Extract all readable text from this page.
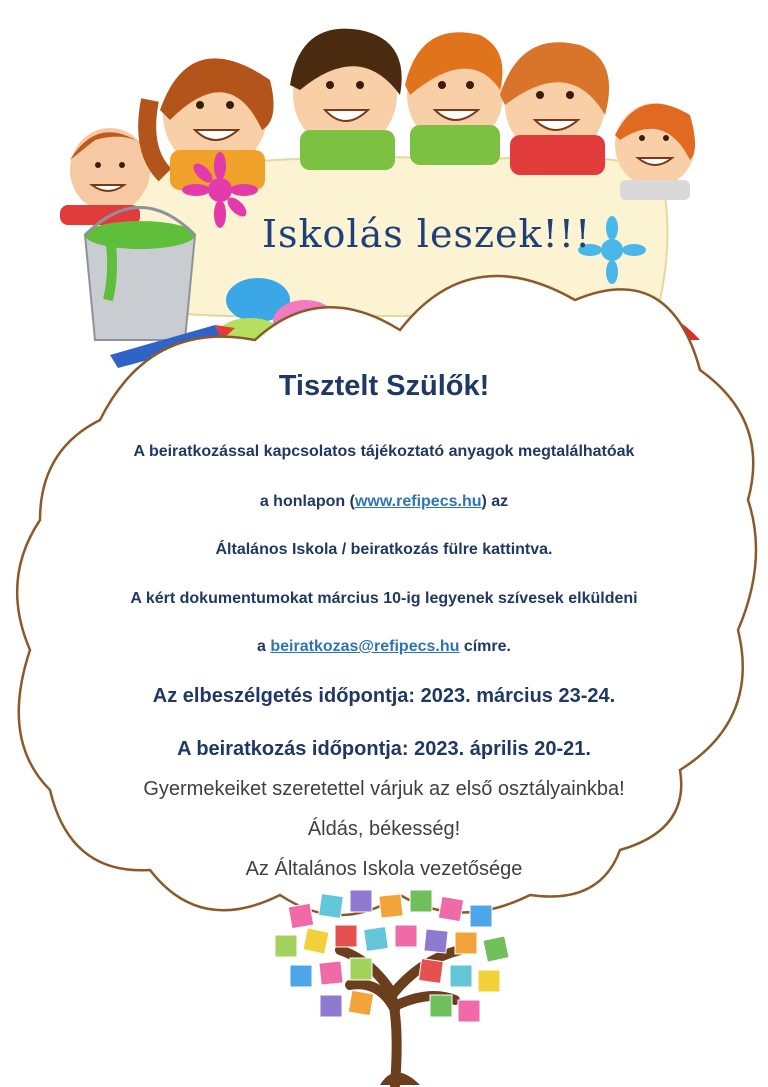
Iskolás leszek!!!
Tisztelt Szülők!
A beiratkozással kapcsolatos tájékoztató anyagok megtalálhatóak
a honlapon (www.refipecs.hu) az
Általános Iskola / beiratkozás fülre kattintva.
A kért dokumentumokat március 10-ig legyenek szívesek elküldeni
a beiratkozas@refipecs.hu címre.
Az elbeszélgetés időpontja: 2023. március 23-24.
A beiratkozás időpontja: 2023. április 20-21.
Gyermekeiket szeretettel várjuk az első osztályainkba!
Áldás, békesség!
Az Általános Iskola vezetősége
